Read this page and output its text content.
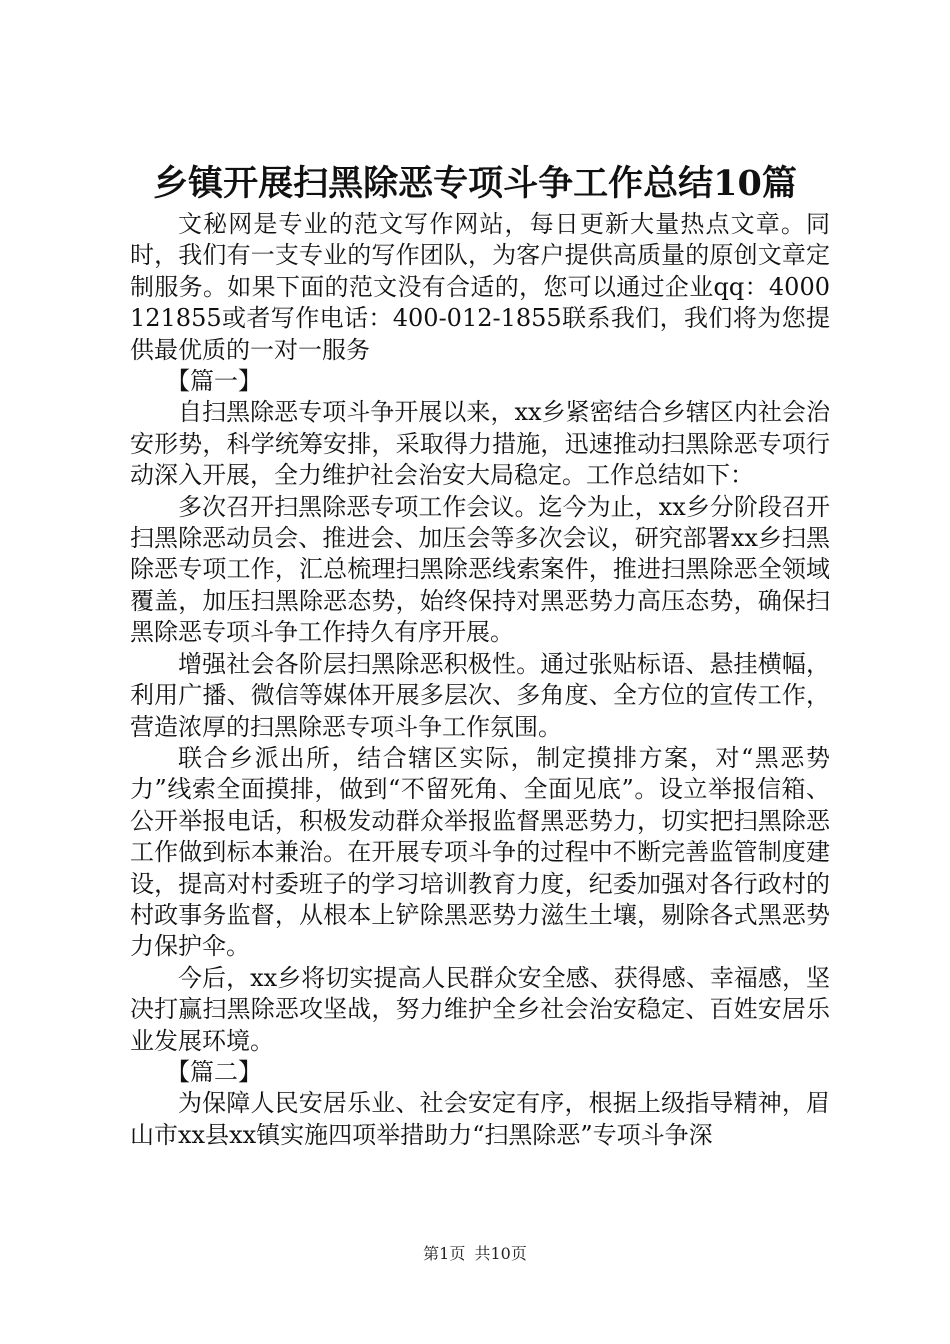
乡镇开展扫黑除恶专项斗争工作总结10篇

文秘网是专业的范文写作网站，每日更新大量热点文章。同时，我们有一支专业的写作团队，为客户提供高质量的原创文章定制服务。如果下面的范文没有合适的，您可以通过企业qq：4000121855或者写作电话：400-012-1855联系我们，我们将为您提供最优质的一对一服务

【篇一】

自扫黑除恶专项斗争开展以来，xx乡紧密结合乡辖区内社会治安形势，科学统筹安排，采取得力措施，迅速推动扫黑除恶专项行动深入开展，全力维护社会治安大局稳定。工作总结如下：

多次召开扫黑除恶专项工作会议。迄今为止，xx乡分阶段召开扫黑除恶动员会、推进会、加压会等多次会议，研究部署xx乡扫黑除恶专项工作，汇总梳理扫黑除恶线索案件，推进扫黑除恶全领域覆盖，加压扫黑除恶态势，始终保持对黑恶势力高压态势，确保扫黑除恶专项斗争工作持久有序开展。

增强社会各阶层扫黑除恶积极性。通过张贴标语、悬挂横幅，利用广播、微信等媒体开展多层次、多角度、全方位的宣传工作，营造浓厚的扫黑除恶专项斗争工作氛围。

联合乡派出所，结合辖区实际，制定摸排方案，对“黑恶势力”线索全面摸排，做到“不留死角、全面见底”。设立举报信箱、公开举报电话，积极发动群众举报监督黑恶势力，切实把扫黑除恶工作做到标本兼治。在开展专项斗争的过程中不断完善监管制度建设，提高对村委班子的学习培训教育力度，纪委加强对各行政村的村政事务监督，从根本上铲除黑恶势力滋生土壤，剔除各式黑恶势力保护伞。

今后，xx乡将切实提高人民群众安全感、获得感、幸福感，坚决打赢扫黑除恶攻坚战，努力维护全乡社会治安稳定、百姓安居乐业发展环境。

【篇二】

为保障人民安居乐业、社会安定有序，根据上级指导精神，眉山市xx县xx镇实施四项举措助力“扫黑除恶”专项斗争深

第1页 共10页
